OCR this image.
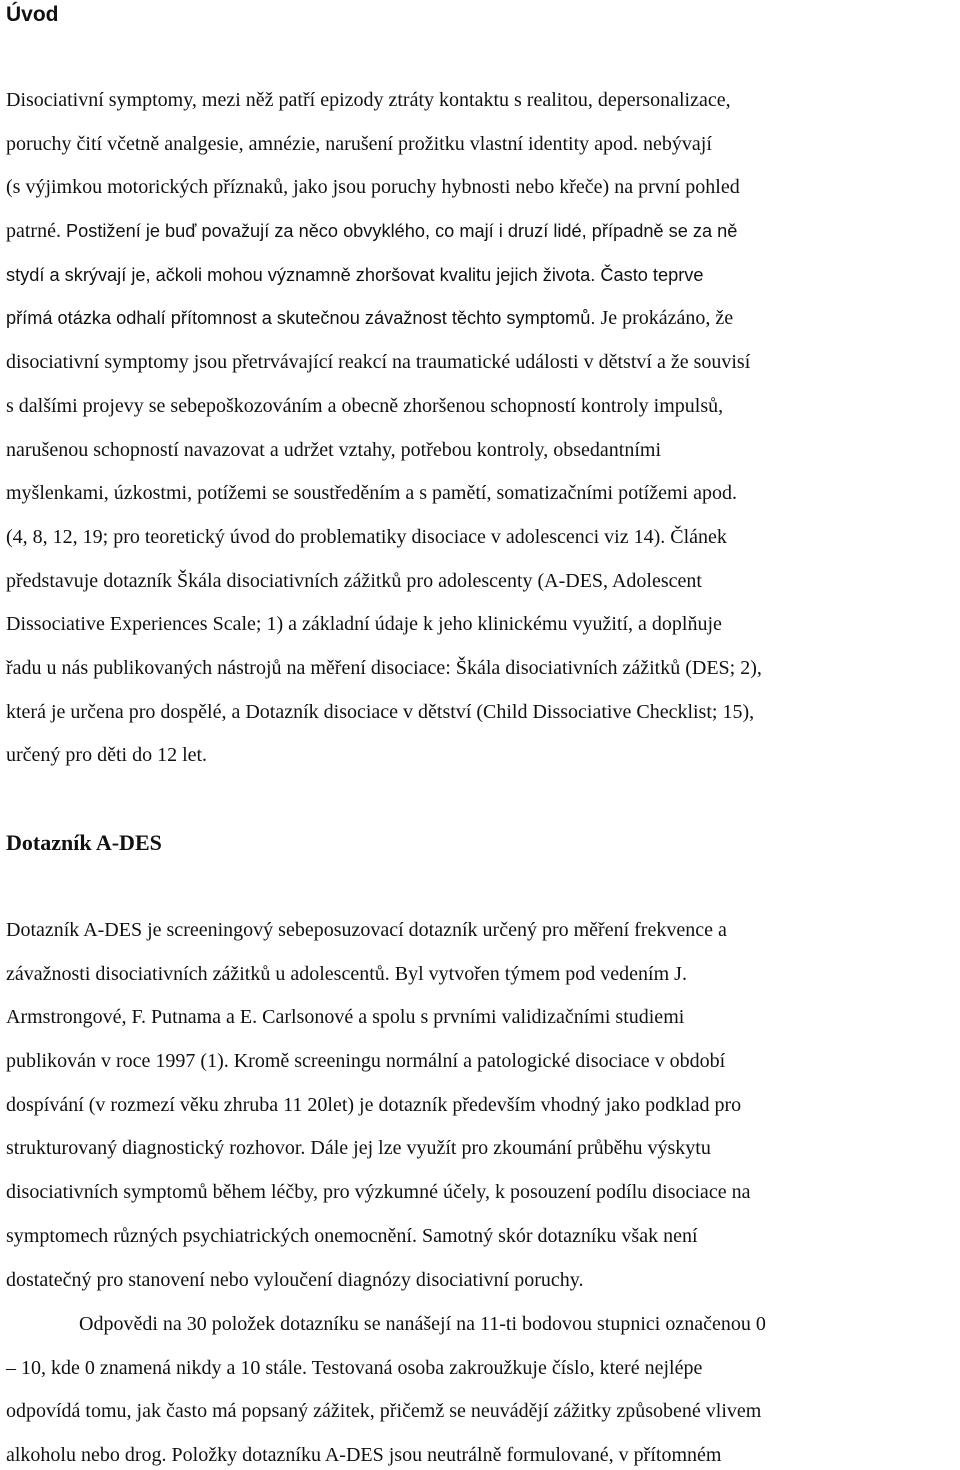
Úvod
Disociativní symptomy, mezi něž patří epizody ztráty kontaktu s realitou, depersonalizace,
poruchy čití včetně analgesie, amnézie, narušení prožitku vlastní identity apod. nebývají
(s výjimkou motorických příznaků, jako jsou poruchy hybnosti nebo křeče) na první pohled
patrné. Postižení je buď považují za něco obvyklého, co mají i druzí lidé, případně se za ně
stydí a skrývají je, ačkoli mohou významně zhoršovat kvalitu jejich života. Často teprve
přímá otázka odhalí přítomnost a skutečnou závažnost těchto symptomů. Je prokázáno, že
disociativní symptomy jsou přetrvávající reakcí na traumatické události v dětství a že souvisí
s dalšími projevy se sebepoškozováním a obecně zhoršenou schopností kontroly impulsů,
narušenou schopností navazovat a udržet vztahy, potřebou kontroly, obsedantními
myšlenkami, úzkostmi, potížemi se soustředěním a s pamětí, somatizačními potížemi apod.
(4, 8, 12, 19; pro teoretický úvod do problematiky disociace v adolescenci viz 14). Článek
představuje dotazník Škála disociativních zážitků pro adolescenty (A-DES, Adolescent
Dissociative Experiences Scale; 1) a základní údaje k jeho klinickému využití, a doplňuje
řadu u nás publikovaných nástrojů na měření disociace: Škála disociativních zážitků (DES; 2),
která je určena pro dospělé, a Dotazník disociace v dětství (Child Dissociative Checklist; 15),
určený pro děti do 12 let.
Dotazník A-DES
Dotazník A-DES je screeningový sebeposuzovací dotazník určený pro měření frekvence a
závažnosti disociativních zážitků u adolescentů. Byl vytvořen týmem pod vedením J.
Armstrongové, F. Putnama a E. Carlsonové a spolu s prvními validizačními studiemi
publikován v roce 1997 (1). Kromě screeningu normální a patologické disociace v období
dospívání (v rozmezí věku zhruba 11 20let) je dotazník především vhodný jako podklad pro
strukturovaný diagnostický rozhovor. Dále jej lze využít pro zkoumání průběhu výskytu
disociativních symptomů během léčby, pro výzkumné účely, k posouzení podílu disociace na
symptomech různých psychiatrických onemocnění. Samotný skór dotazníku však není
dostatečný pro stanovení nebo vyloučení diagnózy disociativní poruchy.
Odpovědi na 30 položek dotazníku se nanášejí na 11-ti bodovou stupnici označenou 0
– 10, kde 0 znamená nikdy a 10 stále. Testovaná osoba zakroužkuje číslo, které nejlépe
odpovídá tomu, jak často má popsaný zážitek, přičemž se neuvádějí zážitky způsobené vlivem
alkoholu nebo drog. Položky dotazníku A-DES jsou neutrálně formulované, v přítomném
